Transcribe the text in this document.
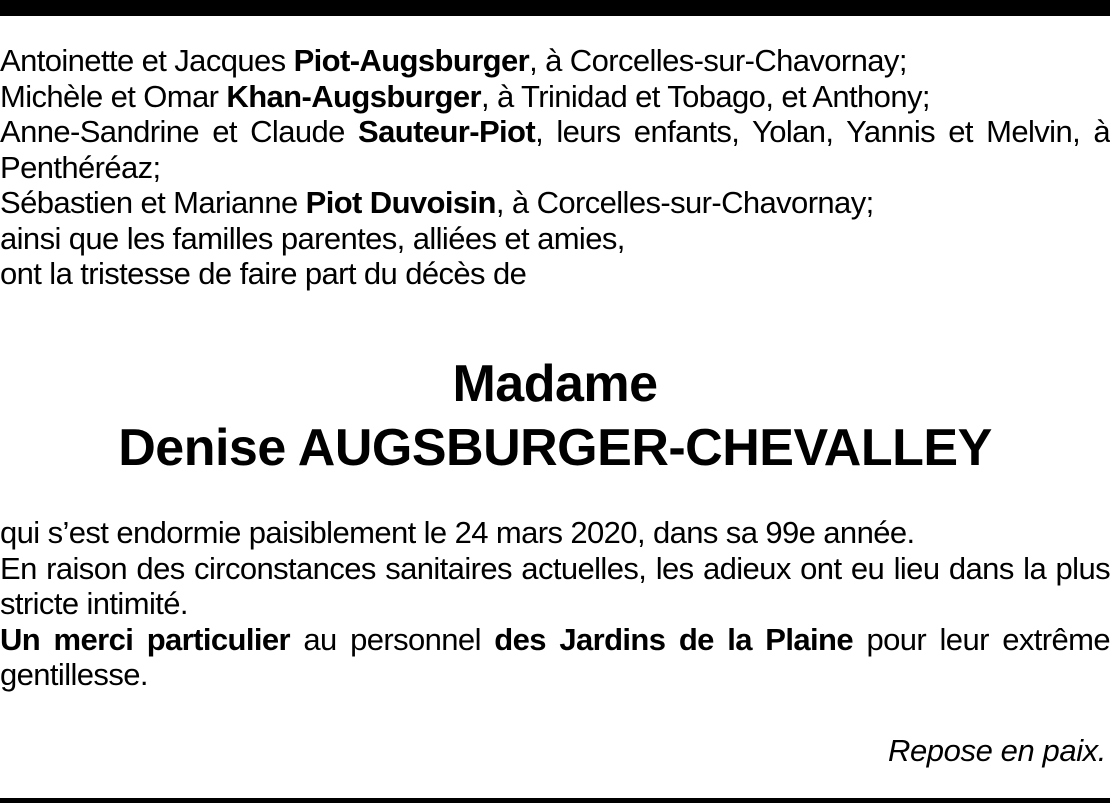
Antoinette et Jacques Piot-Augsburger, à Corcelles-sur-Chavornay;

Michèle et Omar Khan-Augsburger, à Trinidad et Tobago, et Anthony;

Anne-Sandrine et Claude Sauteur-Piot, leurs enfants, Yolan, Yannis et Melvin, à Penthéréaz;

Sébastien et Marianne Piot Duvoisin, à Corcelles-sur-Chavornay;

ainsi que les familles parentes, alliées et amies,

ont la tristesse de faire part du décès de

Madame
Denise AUGSBURGER-CHEVALLEY

qui s’est endormie paisiblement le 24 mars 2020, dans sa 99e année.

En raison des circonstances sanitaires actuelles, les adieux ont eu lieu dans la plus stricte intimité.

Un merci particulier au personnel des Jardins de la Plaine pour leur extrême gentillesse.

Repose en paix.
